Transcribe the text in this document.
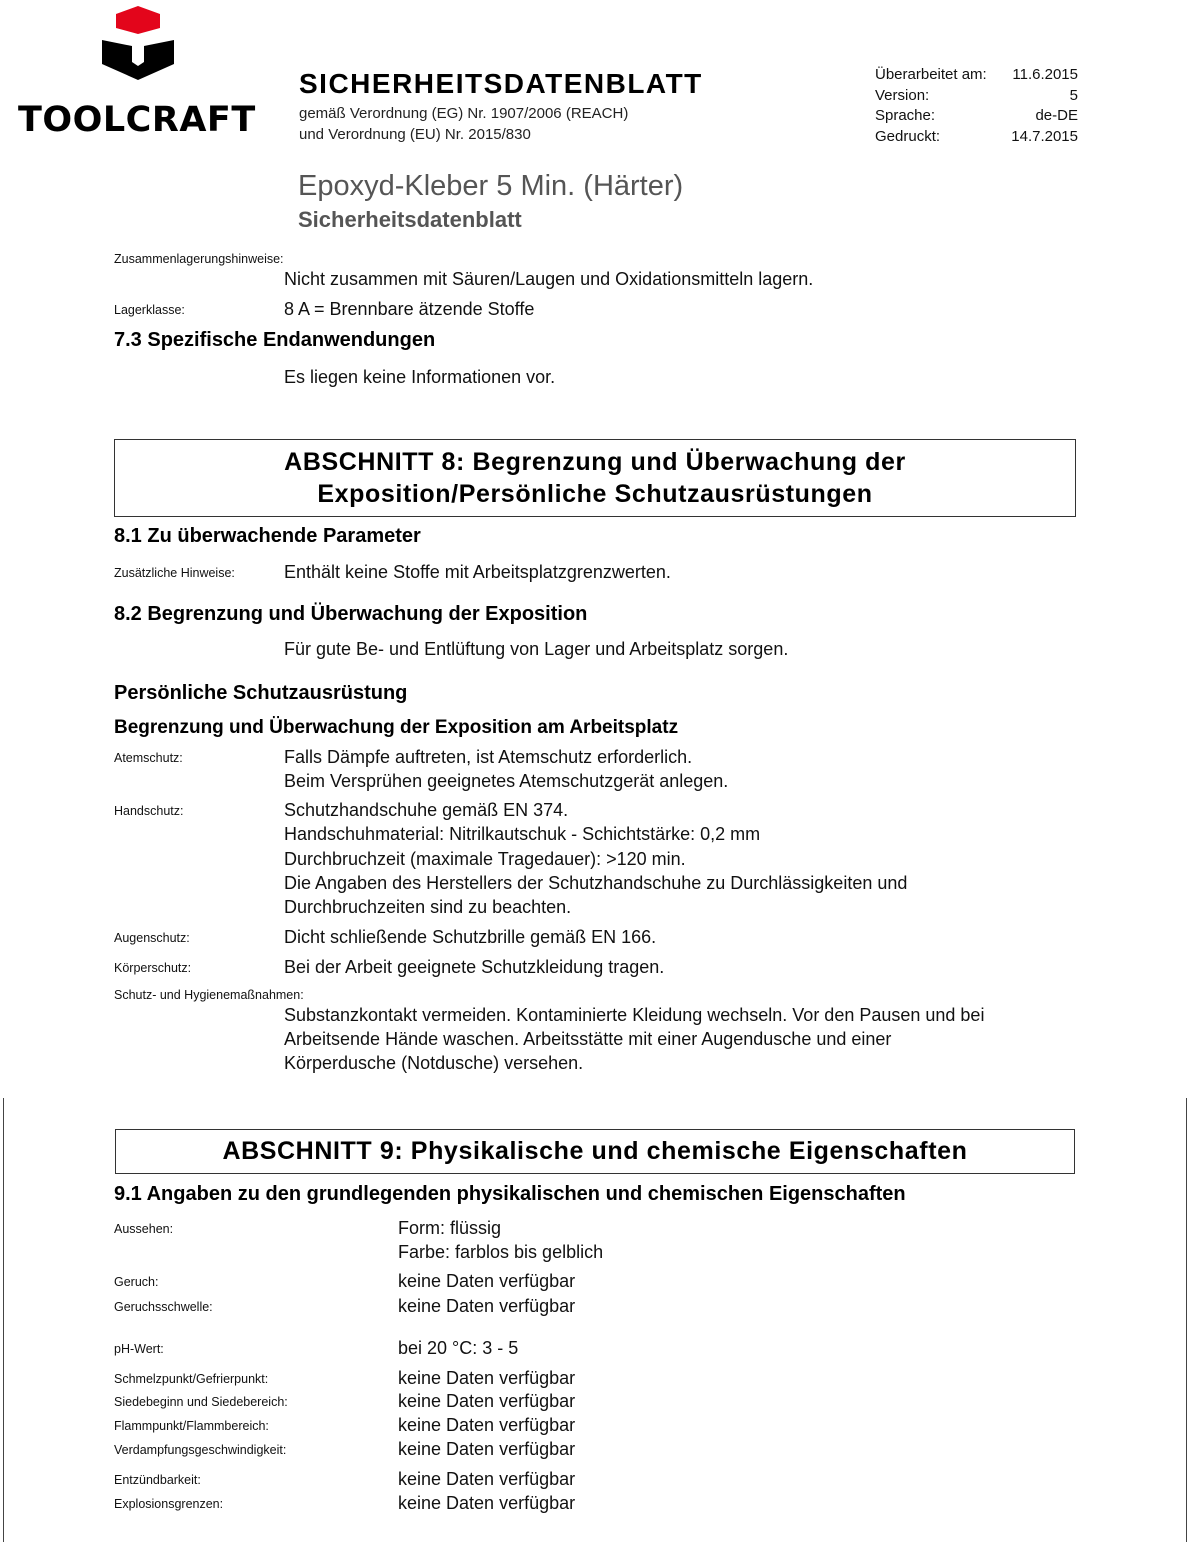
TOOLCRAFT
SICHERHEITSDATENBLATT
gemäß Verordnung (EG) Nr. 1907/2006 (REACH)
und Verordnung (EU) Nr. 2015/830
Überarbeitet am: 11.6.2015
Version:	5
Sprache:	de-DE
Gedruckt:	14.7.2015
Epoxyd-Kleber 5 Min. (Härter)
Sicherheitsdatenblatt
Zusammenlagerungshinweise:
Nicht zusammen mit Säuren/Laugen und Oxidationsmitteln lagern.
Lagerklasse:	8 A = Brennbare ätzende Stoffe
7.3 Spezifische Endanwendungen
Es liegen keine Informationen vor.
ABSCHNITT 8: Begrenzung und Überwachung der
Exposition/Persönliche Schutzausrüstungen
8.1 Zu überwachende Parameter
Zusätzliche Hinweise:	Enthält keine Stoffe mit Arbeitsplatzgrenzwerten.
8.2 Begrenzung und Überwachung der Exposition
Für gute Be- und Entlüftung von Lager und Arbeitsplatz sorgen.
Persönliche Schutzausrüstung
Begrenzung und Überwachung der Exposition am Arbeitsplatz
Atemschutz:	Falls Dämpfe auftreten, ist Atemschutz erforderlich.
Beim Versprühen geeignetes Atemschutzgerät anlegen.
Handschutz:	Schutzhandschuhe gemäß EN 374.
Handschuhmaterial: Nitrilkautschuk - Schichtstärke: 0,2 mm
Durchbruchzeit (maximale Tragedauer): >120 min.
Die Angaben des Herstellers der Schutzhandschuhe zu Durchlässigkeiten und
Durchbruchzeiten sind zu beachten.
Augenschutz:	Dicht schließende Schutzbrille gemäß EN 166.
Körperschutz:	Bei der Arbeit geeignete Schutzkleidung tragen.
Schutz- und Hygienemaßnahmen:
Substanzkontakt vermeiden. Kontaminierte Kleidung wechseln. Vor den Pausen und bei
Arbeitsende Hände waschen. Arbeitsstätte mit einer Augendusche und einer
Körperdusche (Notdusche) versehen.
ABSCHNITT 9: Physikalische und chemische Eigenschaften
9.1 Angaben zu den grundlegenden physikalischen und chemischen Eigenschaften
Aussehen:	Form: flüssig
Farbe: farblos bis gelblich
Geruch:	keine Daten verfügbar
Geruchsschwelle:	keine Daten verfügbar
pH-Wert:	bei 20 °C: 3 - 5
Schmelzpunkt/Gefrierpunkt:	keine Daten verfügbar
Siedebeginn und Siedebereich:	keine Daten verfügbar
Flammpunkt/Flammbereich:	keine Daten verfügbar
Verdampfungsgeschwindigkeit:	keine Daten verfügbar
Entzündbarkeit:	keine Daten verfügbar
Explosionsgrenzen:	keine Daten verfügbar
